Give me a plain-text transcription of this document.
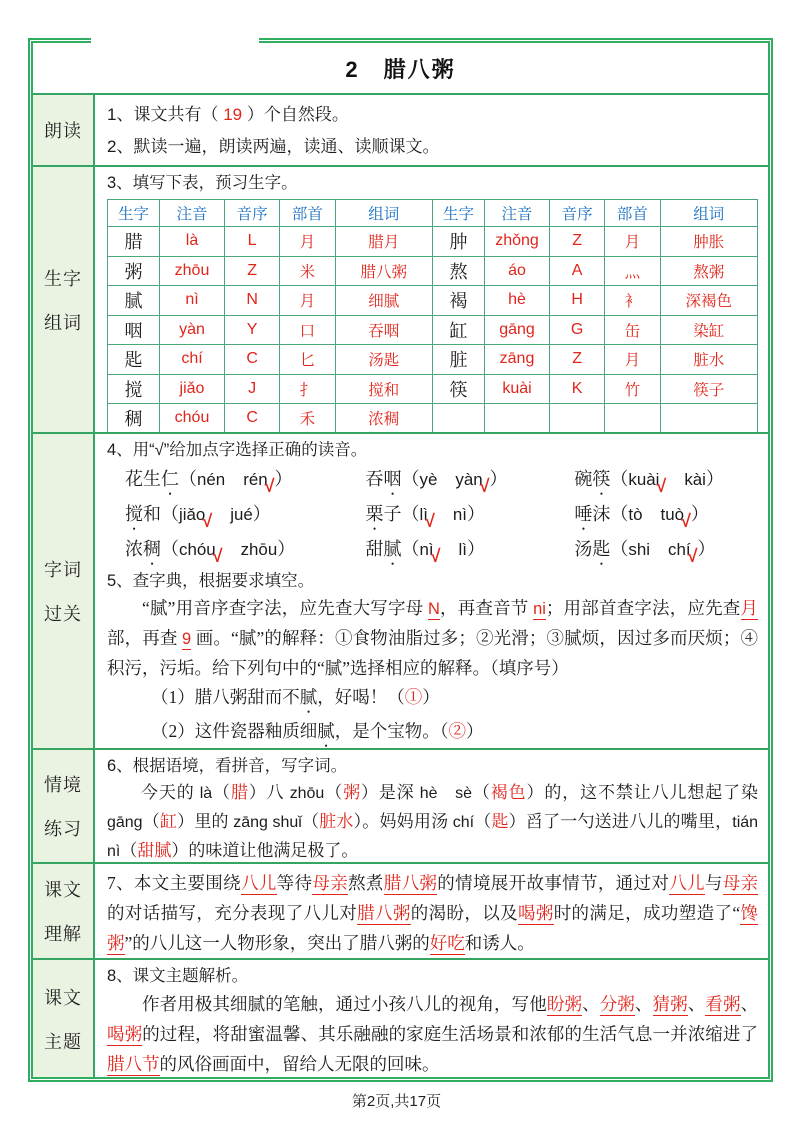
2　腊八粥
朗读
1、课文共有（ 19 ）个自然段。
2、默读一遍，朗读两遍，读通、读顺课文。
生字
组词
3、填写下表，预习生字。
生字	注音	音序	部首	组词	生字	注音	音序	部首	组词
腊	là	L	月	腊月	肿	zhǒng	Z	月	肿胀
粥	zhōu	Z	米	腊八粥	熬	áo	A	灬	熬粥
腻	nì	N	月	细腻	褐	hè	H	衤	深褐色
咽	yàn	Y	口	吞咽	缸	gāng	G	缶	染缸
匙	chí	C	匕	汤匙	脏	zāng	Z	月	脏水
搅	jiǎo	J	扌	搅和	筷	kuài	K	竹	筷子
稠	chóu	C	禾	浓稠					
字词
过关
4、用“√”给加点字选择正确的读音。
花生仁（nén　 rén√）	吞咽（yè　 yàn√）	碗筷（kuài√　 kài）
搅和（jiǎo√　 jué）	栗子（lì√　 nì）	唾沫（tò　 tuò√）
浓稠（chóu√　 zhōu）	甜腻（nì√　 lì）	汤匙（shi　 chí√）
5、查字典，根据要求填空。
“腻”用音序查字法，应先查大写字母 N，再查音节 ni；用部首查字法，应先查月部，再查 9 画。“腻”的解释：①食物油脂过多；②光滑；③腻烦，因过多而厌烦；④积污，污垢。给下列句中的“腻”选择相应的解释。（填序号）
（1）腊八粥甜而不腻，好喝！（①）
（2）这件瓷器釉质细腻，是个宝物。（②）
情境
练习
6、根据语境，看拼音，写字词。
今天的 là（腊）八 zhōu（粥）是深 hè　sè（褐色）的，这不禁让八儿想起了染 gāng（缸）里的 zāng shuǐ（脏水）。妈妈用汤 chí（匙）舀了一勺送进八儿的嘴里，tián nì（甜腻）的味道让他满足极了。
课文
理解
7、本文主要围绕八儿等待母亲熬煮腊八粥的情境展开故事情节，通过对八儿与母亲的对话描写，充分表现了八儿对腊八粥的渴盼，以及喝粥时的满足，成功塑造了“馋粥”的八儿这一人物形象，突出了腊八粥的好吃和诱人。
课文
主题
8、课文主题解析。
作者用极其细腻的笔触，通过小孩八儿的视角，写他盼粥、分粥、猜粥、看粥、喝粥的过程，将甜蜜温馨、其乐融融的家庭生活场景和浓郁的生活气息一并浓缩进了腊八节的风俗画面中，留给人无限的回味。
第2页,共17页
